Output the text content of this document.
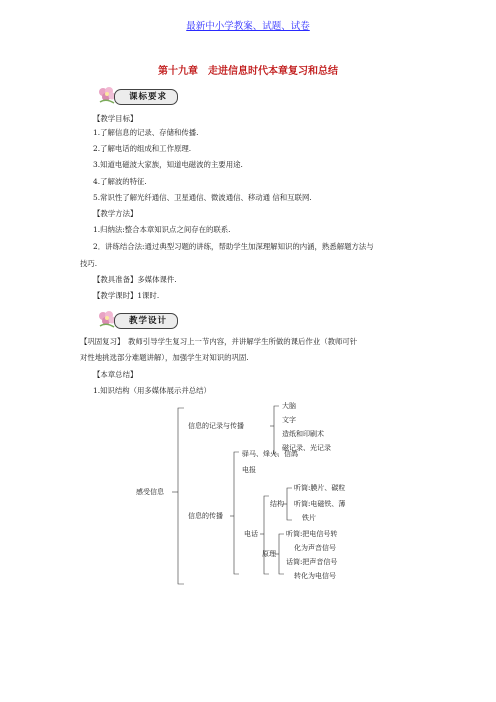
最新中小学教案、试题、试卷
第十九章　走进信息时代本章复习和总结
课标要求
【教学目标】
1.了解信息的记录、存储和传播.
2.了解电话的组成和工作原理.
3.知道电磁波大家族，知道电磁波的主要用途.
4.了解波的特征.
5.常识性了解光纤通信、卫星通信、微波通信、移动通 信和互联网.
【教学方法】
1.归纳法:整合本章知识点之间存在的联系.
2．讲练结合法:通过典型习题的讲练，帮助学生加深理解知识的内涵，熟悉解题方法与
技巧.
【教具准备】多媒体课件.
【教学课时】1课时.
教学设计
【巩固复习】　教师引导学生复习上一节内容，并讲解学生所做的课后作业（教师可针
对性地挑选部分难题讲解），加强学生对知识的巩固.
【本章总结】
1.知识结构（用多媒体展示并总结）
感受信息
信息的记录与传播
大脑
文字
造纸和印刷术
磁记录、光记录
信息的传播
驿马、烽火、信鸽
电报
电话
结构
听筒:膜片、碳粒
听筒:电磁铁、薄
铁片
原理
听筒:把电信号转
化为声音信号
话筒:把声音信号
转化为电信号
